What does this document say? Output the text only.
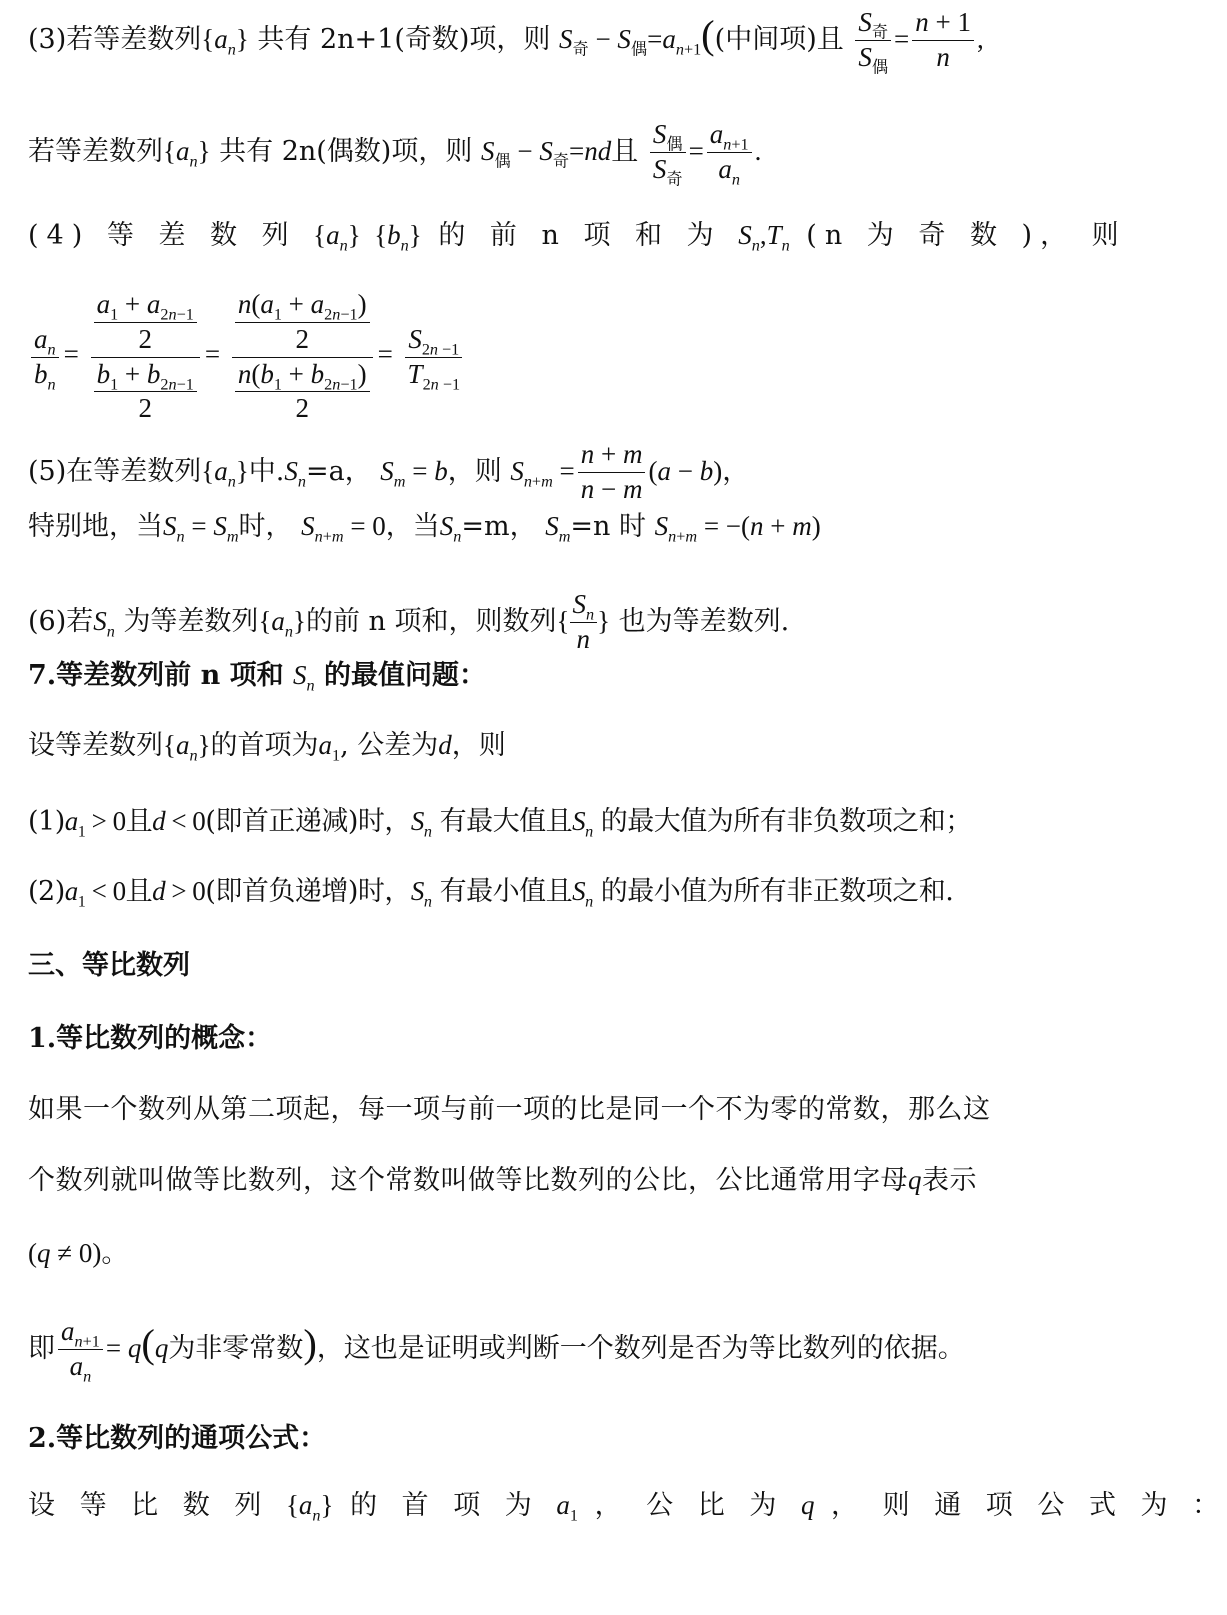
(3)若等差数列$\{a_n\}$ 共有 2n+1(奇数)项，则 $S_奇 - S_偶=a_{n+1}$((中间项)且
$S_奇$
$S_偶$
= $\frac{n + 1}{n}$ ,
若等差数列$\{a_n\}$ 共有 2n(偶数)项，则 $S_偶 - S_奇=nd$且
$S_偶$
$S_奇$
= $\frac{a_{n+1}}{a_n}$ .
(4) 等 差 数 列 $\{a_n\}$  $\{b_n\}$ 的 前 n 项 和 为 $S_n,T_n$ (n 为 奇 数 )， 则
$\frac{a_n}{b_n} = \frac{\frac{a_1 + a_{2n-1}}{2}}{\frac{b_1 + b_{2n-1}}{2}} = \frac{\frac{n(a_1 + a_{2n-1})}{2}}{\frac{n(b_1 + b_{2n-1})}{2}} = \frac{S_{2n -1}}{T_{2n -1}}$
(5)在等差数列$\{a_n\}$中$.S_n=a$， $S_m = b$，则 $S_{n+m} = \frac{n + m}{n - m} (a - b)$，
特别地，当$S_n = S_m$时， $S_{n+m} = 0$，当$S_n=m$， $S_m=n$ 时 $S_{n+m} = -(n + m)$
(6)若$S_n$ 为等差数列$\{a_n\}$的前 n 项和，则数列{ $\frac{S_n}{n}$ } 也为等差数列.
7.等差数列前 n 项和 $S_n$ 的最值问题：
设等差数列$\{a_n\}$的首项为$a_1$, 公差为d，则
$(1)a_1 > 0$且d < 0(即首正递减)时，$S_n$ 有最大值且$S_n$ 的最大值为所有非负数项之和；
$(2)a_1 < 0$且d > 0(即首负递增)时，$S_n$ 有最小值且$S_n$ 的最小值为所有非正数项之和.
三、等比数列
1.等比数列的概念：
如果一个数列从第二项起，每一项与前一项的比是同一个不为零的常数，那么这
个数列就叫做等比数列，这个常数叫做等比数列的公比，公比通常用字母q表示
(q ≠ 0)。
即 $\frac{a_{n+1}}{a_n} = q(q$为非零常数)，这也是证明或判断一个数列是否为等比数列的依据。
2.等比数列的通项公式：
设 等 比 数 列 $\{a_n\}$ 的 首 项 为 $a_1$ ， 公 比 为 q ， 则 通 项 公 式 为 ：
